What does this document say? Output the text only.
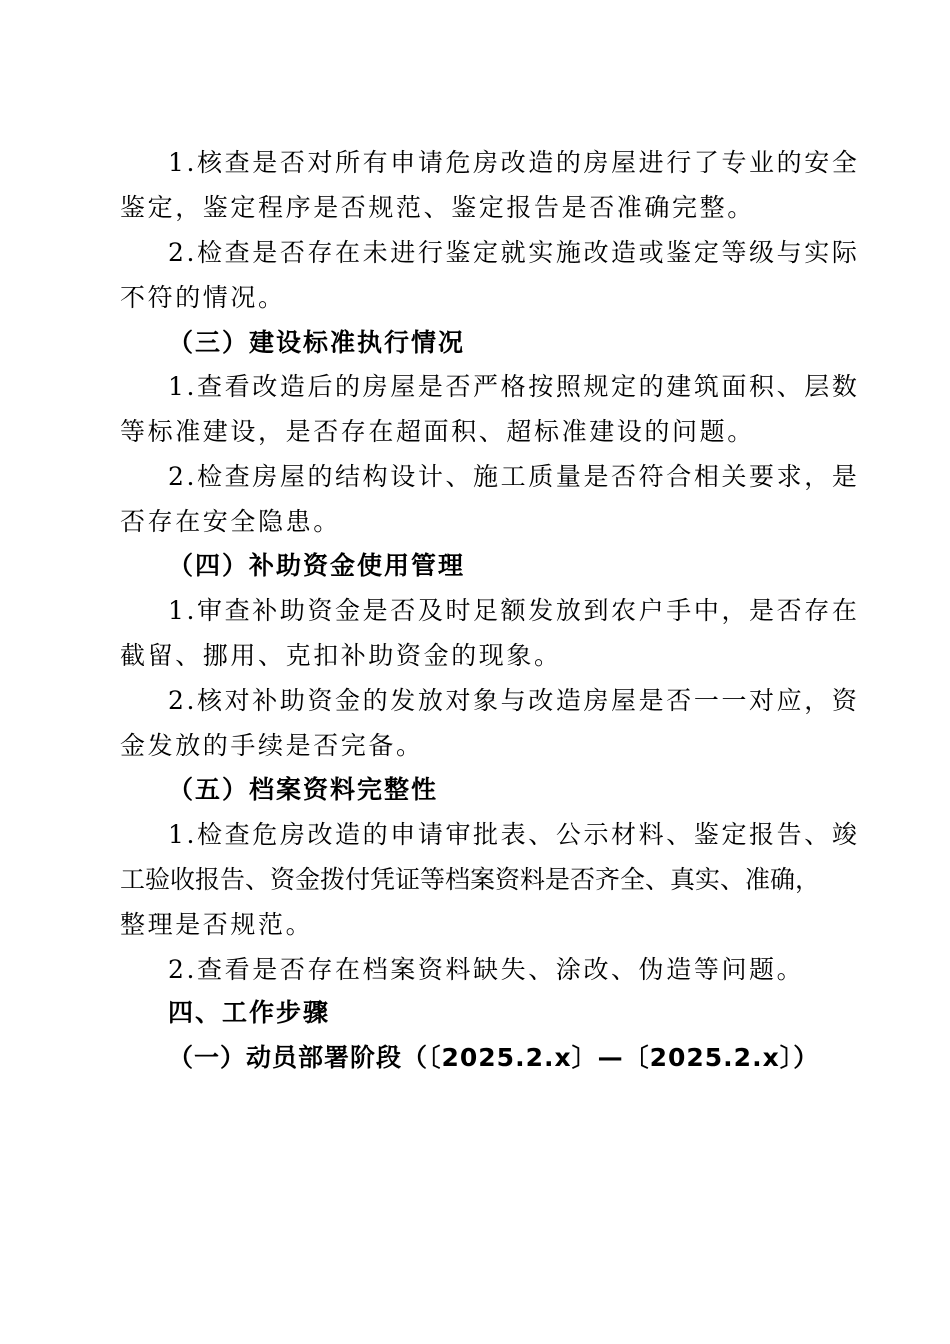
1.核查是否对所有申请危房改造的房屋进行了专业的安全
鉴定，鉴定程序是否规范、鉴定报告是否准确完整。
2.检查是否存在未进行鉴定就实施改造或鉴定等级与实际
不符的情况。
（三）建设标准执行情况
1.查看改造后的房屋是否严格按照规定的建筑面积、层数
等标准建设，是否存在超面积、超标准建设的问题。
2.检查房屋的结构设计、施工质量是否符合相关要求，是
否存在安全隐患。
（四）补助资金使用管理
1.审查补助资金是否及时足额发放到农户手中，是否存在
截留、挪用、克扣补助资金的现象。
2.核对补助资金的发放对象与改造房屋是否一一对应，资
金发放的手续是否完备。
（五）档案资料完整性
1.检查危房改造的申请审批表、公示材料、鉴定报告、竣
工验收报告、资金拨付凭证等档案资料是否齐全、真实、准确，
整理是否规范。
2.查看是否存在档案资料缺失、涂改、伪造等问题。
四、工作步骤
（一）动员部署阶段（〔2025.2.x〕—〔2025.2.x〕）
